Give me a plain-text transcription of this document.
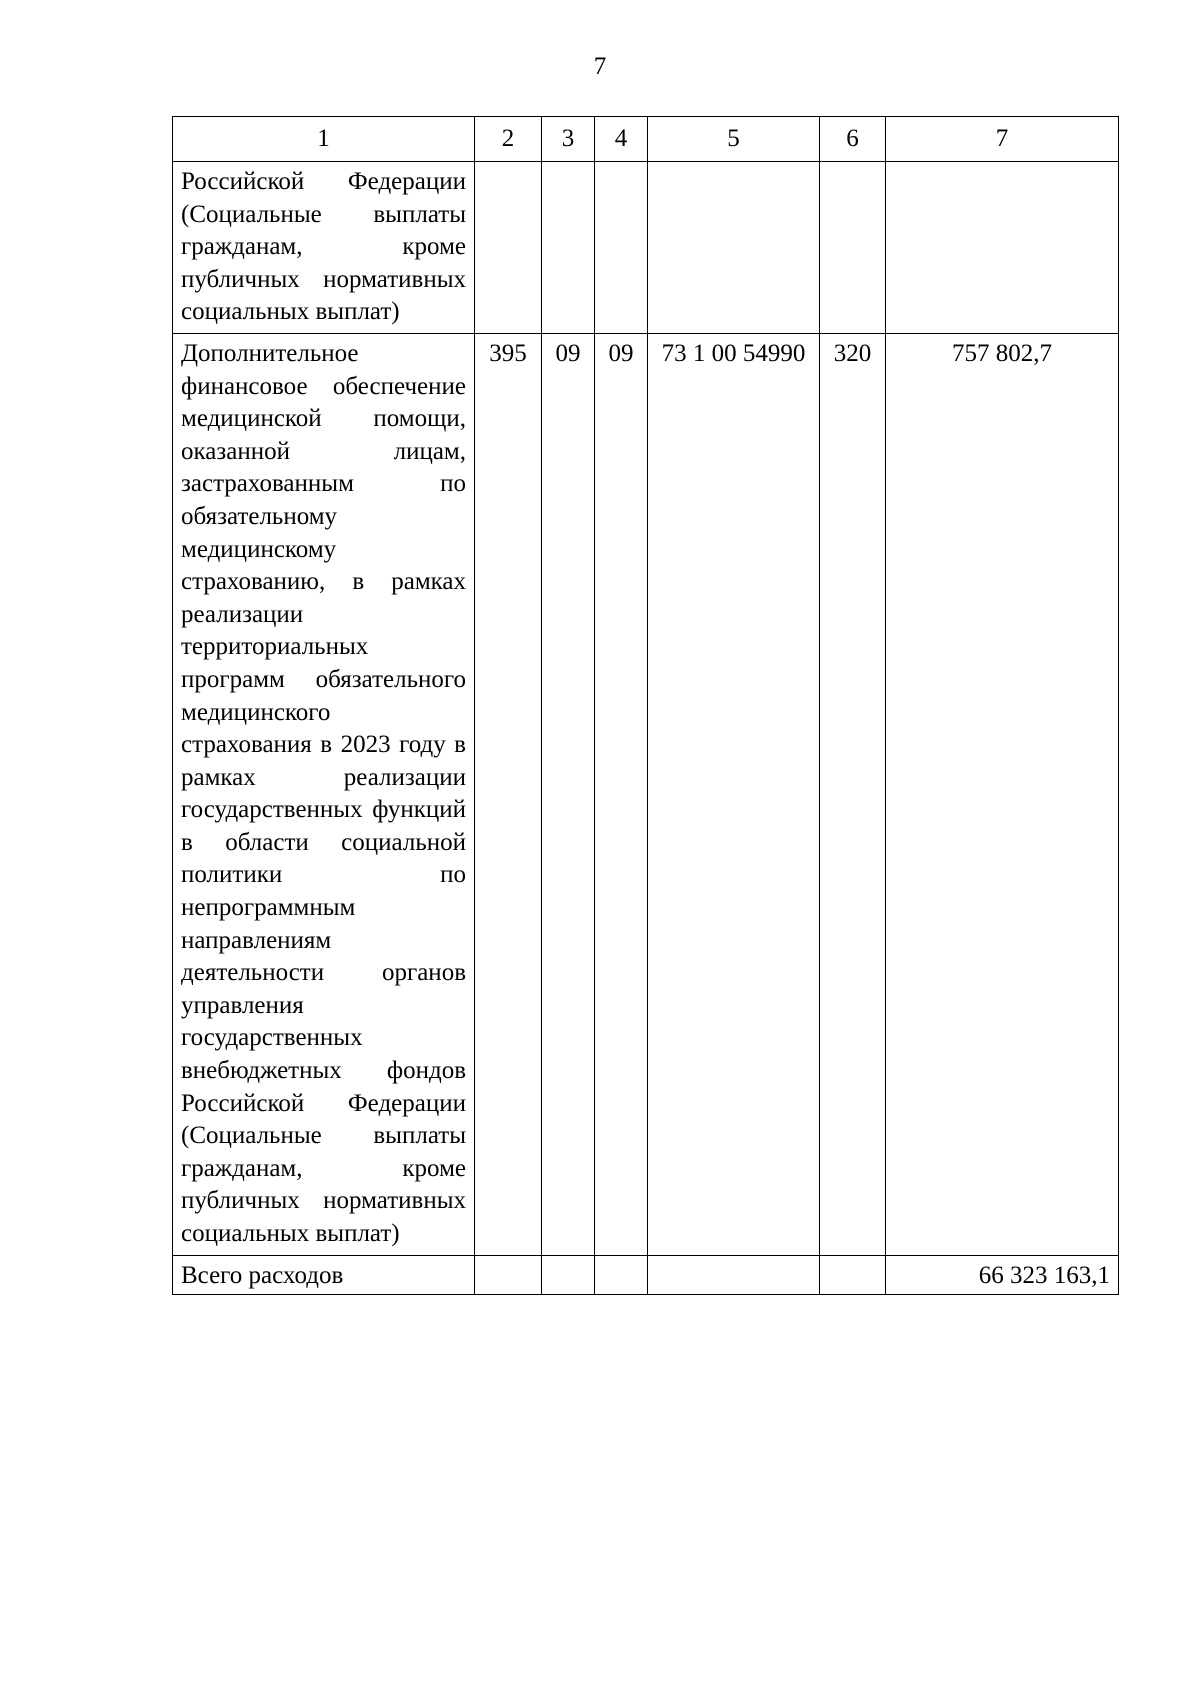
7
1	2	3	4	5	6	7
Российской Федерации (Социальные выплаты гражданам, кроме публичных нормативных социальных выплат)						
Дополнительное финансовое обеспечение медицинской помощи, оказанной лицам, застрахованным по обязательному медицинскому страхованию, в рамках реализации территориальных программ обязательного медицинского страхования в 2023 году в рамках реализации государственных функций в области социальной политики по непрограммным направлениям деятельности органов управления государственных внебюджетных фондов Российской Федерации (Социальные выплаты гражданам, кроме публичных нормативных социальных выплат)	395	09	09	73 1 00 54990	320	757 802,7
Всего расходов						66 323 163,1
